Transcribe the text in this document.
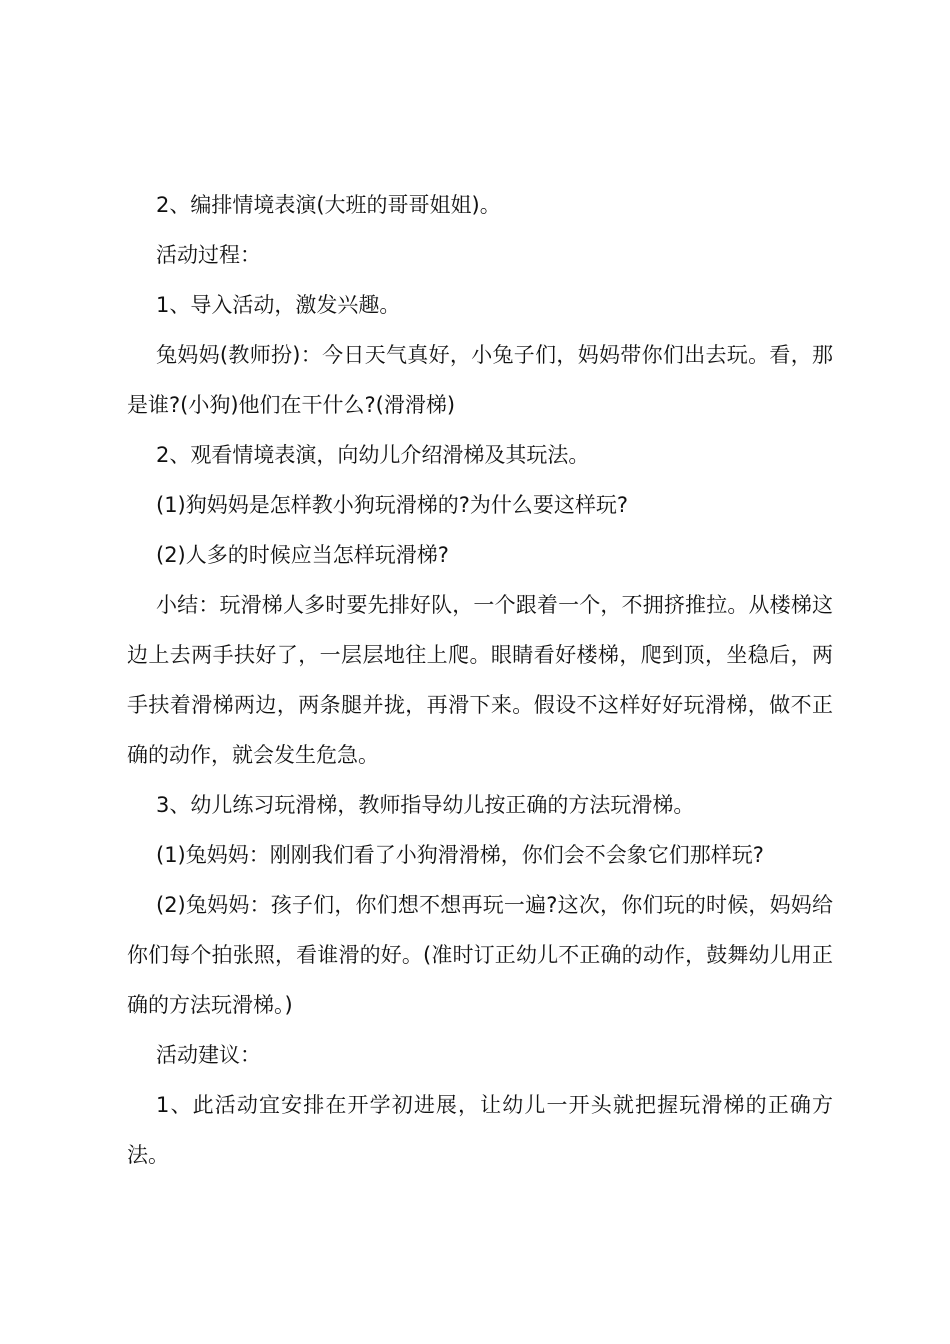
2、编排情境表演(大班的哥哥姐姐)。

活动过程：

1、导入活动，激发兴趣。

兔妈妈(教师扮)：今日天气真好，小兔子们，妈妈带你们出去玩。看，那是谁?(小狗)他们在干什么?(滑滑梯)

2、观看情境表演，向幼儿介绍滑梯及其玩法。

(1)狗妈妈是怎样教小狗玩滑梯的?为什么要这样玩?

(2)人多的时候应当怎样玩滑梯?

小结：玩滑梯人多时要先排好队，一个跟着一个，不拥挤推拉。从楼梯这边上去两手扶好了，一层层地往上爬。眼睛看好楼梯，爬到顶，坐稳后，两手扶着滑梯两边，两条腿并拢，再滑下来。假设不这样好好玩滑梯，做不正确的动作，就会发生危急。

3、幼儿练习玩滑梯，教师指导幼儿按正确的方法玩滑梯。

(1)兔妈妈：刚刚我们看了小狗滑滑梯，你们会不会象它们那样玩?

(2)兔妈妈：孩子们，你们想不想再玩一遍?这次，你们玩的时候，妈妈给你们每个拍张照，看谁滑的好。(准时订正幼儿不正确的动作，鼓舞幼儿用正确的方法玩滑梯。)

活动建议：

1、此活动宜安排在开学初进展，让幼儿一开头就把握玩滑梯的正确方法。
